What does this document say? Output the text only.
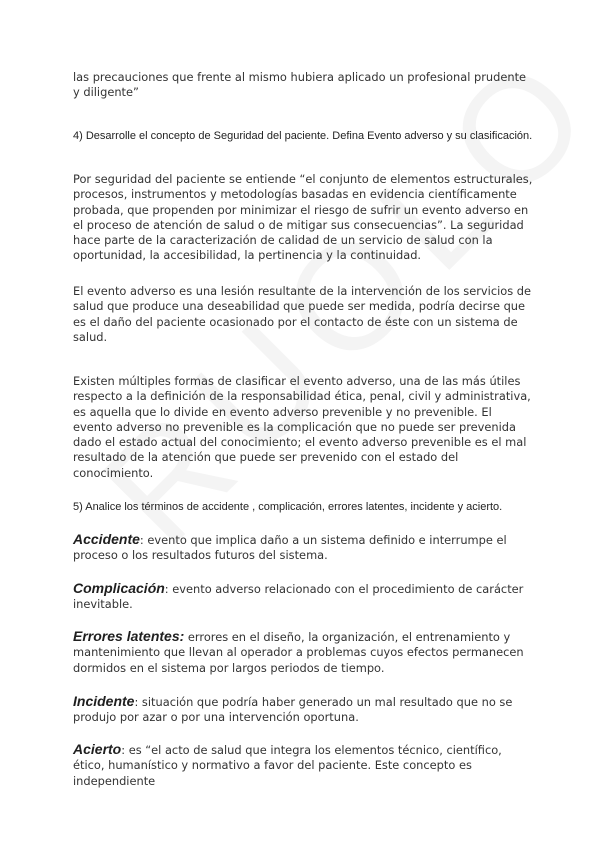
las precauciones que frente al mismo hubiera aplicado un profesional prudente y diligente”

4) Desarrolle el concepto de Seguridad del paciente. Defina Evento adverso y su clasificación.

Por seguridad del paciente se entiende “el conjunto de elementos estructurales, procesos, instrumentos y metodologías basadas en evidencia científicamente probada, que propenden por minimizar el riesgo de sufrir un evento adverso en el proceso de atención de salud o de mitigar sus consecuencias”. La seguridad hace parte de la caracterización de calidad de un servicio de salud con la oportunidad, la accesibilidad, la pertinencia y la continuidad.

El evento adverso es una lesión resultante de la intervención de los servicios de salud que produce una deseabilidad que puede ser medida, podría decirse que es el daño del paciente ocasionado por el contacto de éste con un sistema de salud.

Existen múltiples formas de clasificar el evento adverso, una de las más útiles respecto a la definición de la responsabilidad ética, penal, civil y administrativa, es aquella que lo divide en evento adverso prevenible y no prevenible. El evento adverso no prevenible es la complicación que no puede ser prevenida dado el estado actual del conocimiento; el evento adverso prevenible es el mal resultado de la atención que puede ser prevenido con el estado del conocimiento.

5) Analice los términos de accidente , complicación, errores latentes, incidente y acierto.

Accidente: evento que implica daño a un sistema definido e interrumpe el proceso o los resultados futuros del sistema.

Complicación: evento adverso relacionado con el procedimiento de carácter inevitable.

Errores latentes: errores en el diseño, la organización, el entrenamiento y mantenimiento que llevan al operador a problemas cuyos efectos permanecen dormidos en el sistema por largos periodos de tiempo.

Incidente: situación que podría haber generado un mal resultado que no se produjo por azar o por una intervención oportuna.

Acierto: es “el acto de salud que integra los elementos técnico, científico, ético, humanístico y normativo a favor del paciente. Este concepto es independiente
